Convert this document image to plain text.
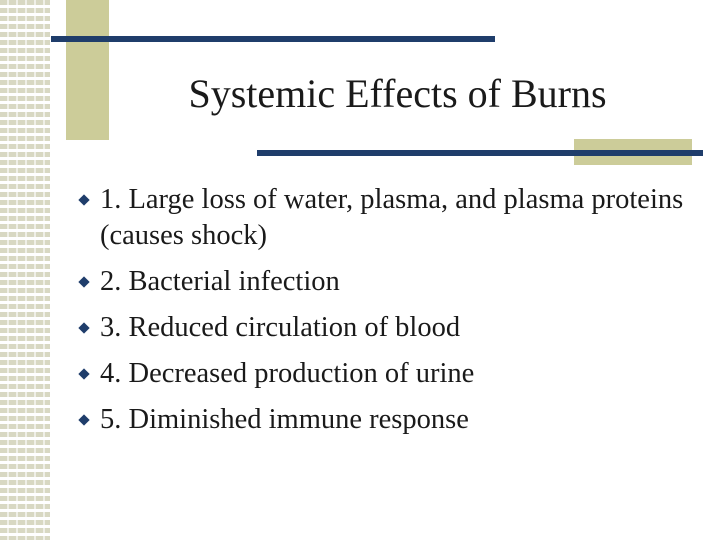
Systemic Effects of Burns
1. Large loss of water, plasma, and plasma proteins (causes shock)
2. Bacterial infection
3. Reduced circulation of blood
4. Decreased production of urine
5. Diminished immune response
